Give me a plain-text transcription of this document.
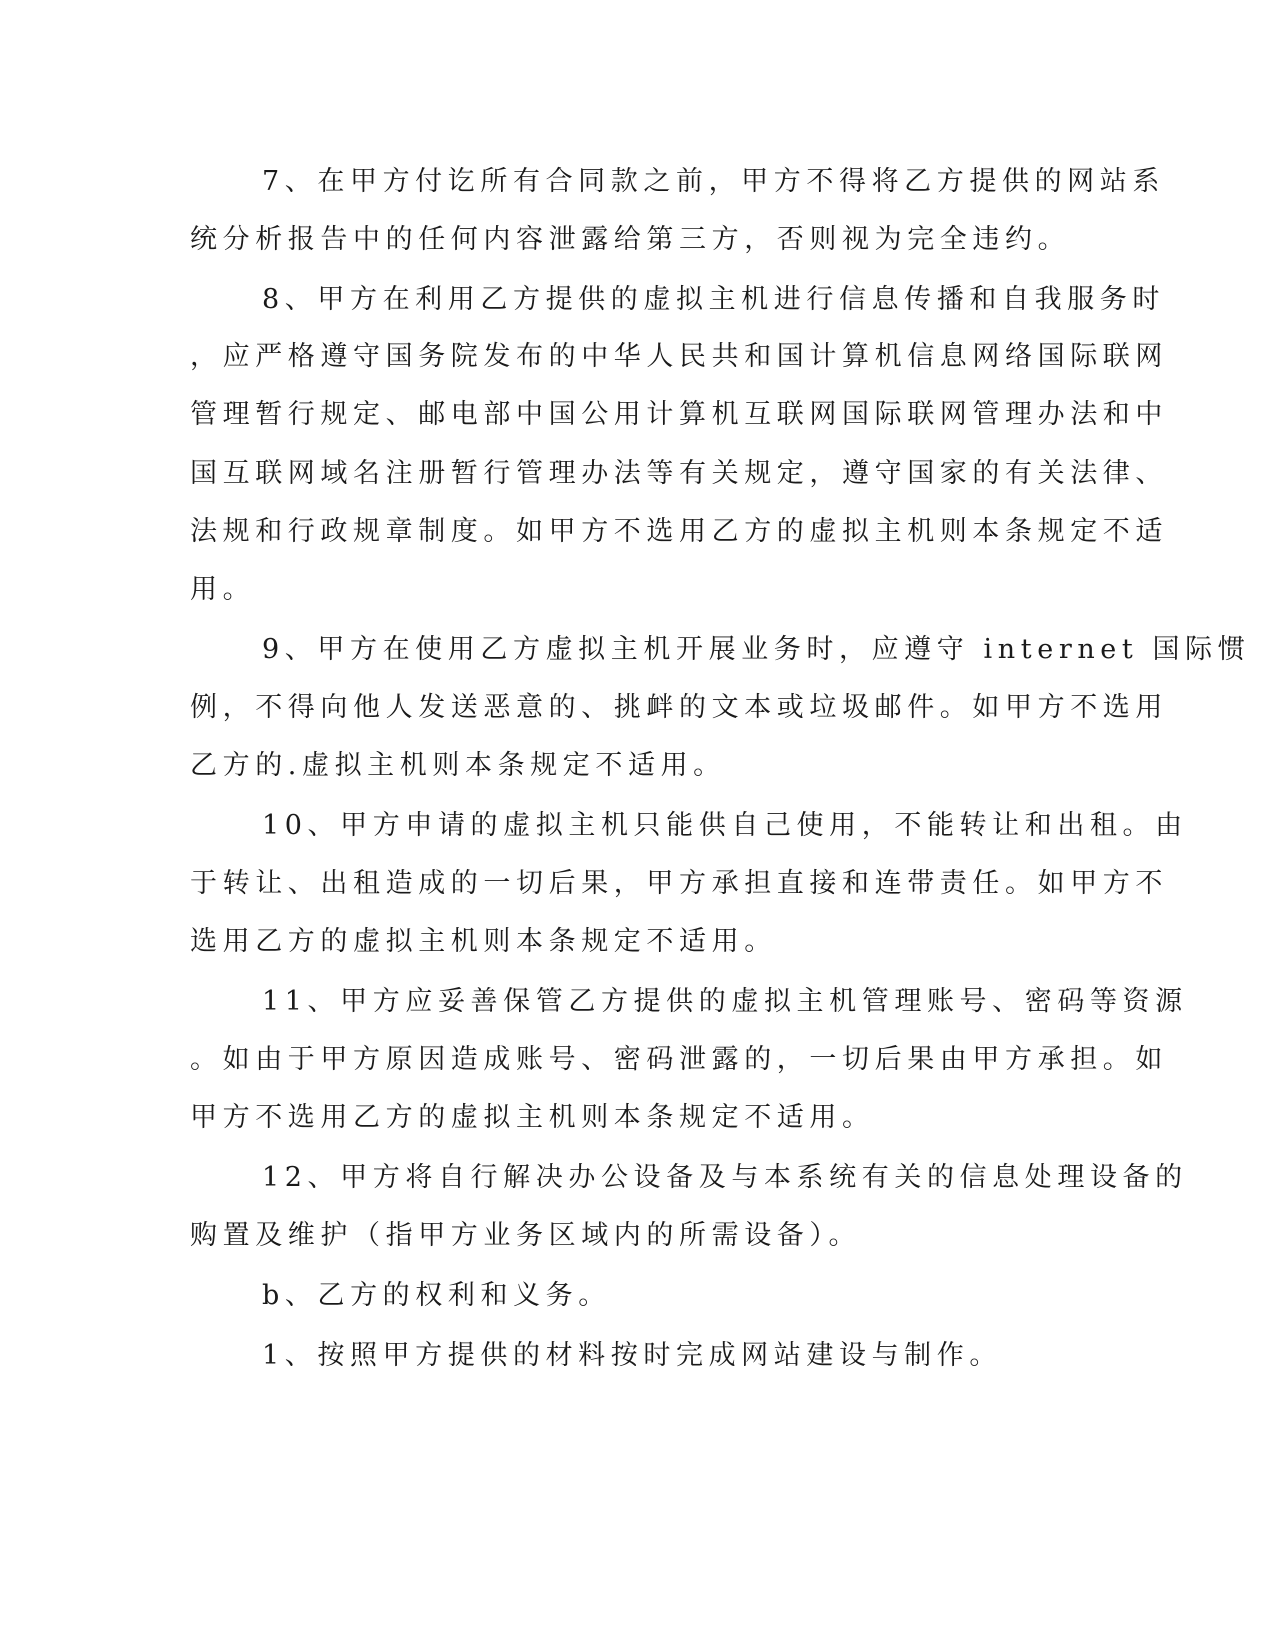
7、在甲方付讫所有合同款之前，甲方不得将乙方提供的网站系
统分析报告中的任何内容泄露给第三方，否则视为完全违约。
8、甲方在利用乙方提供的虚拟主机进行信息传播和自我服务时
，应严格遵守国务院发布的中华人民共和国计算机信息网络国际联网
管理暂行规定、邮电部中国公用计算机互联网国际联网管理办法和中
国互联网域名注册暂行管理办法等有关规定，遵守国家的有关法律、
法规和行政规章制度。如甲方不选用乙方的虚拟主机则本条规定不适
用。
9、甲方在使用乙方虚拟主机开展业务时，应遵守 internet 国际惯
例，不得向他人发送恶意的、挑衅的文本或垃圾邮件。如甲方不选用
乙方的.虚拟主机则本条规定不适用。
10、甲方申请的虚拟主机只能供自己使用，不能转让和出租。由
于转让、出租造成的一切后果，甲方承担直接和连带责任。如甲方不
选用乙方的虚拟主机则本条规定不适用。
11、甲方应妥善保管乙方提供的虚拟主机管理账号、密码等资源
。如由于甲方原因造成账号、密码泄露的，一切后果由甲方承担。如
甲方不选用乙方的虚拟主机则本条规定不适用。
12、甲方将自行解决办公设备及与本系统有关的信息处理设备的
购置及维护（指甲方业务区域内的所需设备）。
b、乙方的权利和义务。
1、按照甲方提供的材料按时完成网站建设与制作。
